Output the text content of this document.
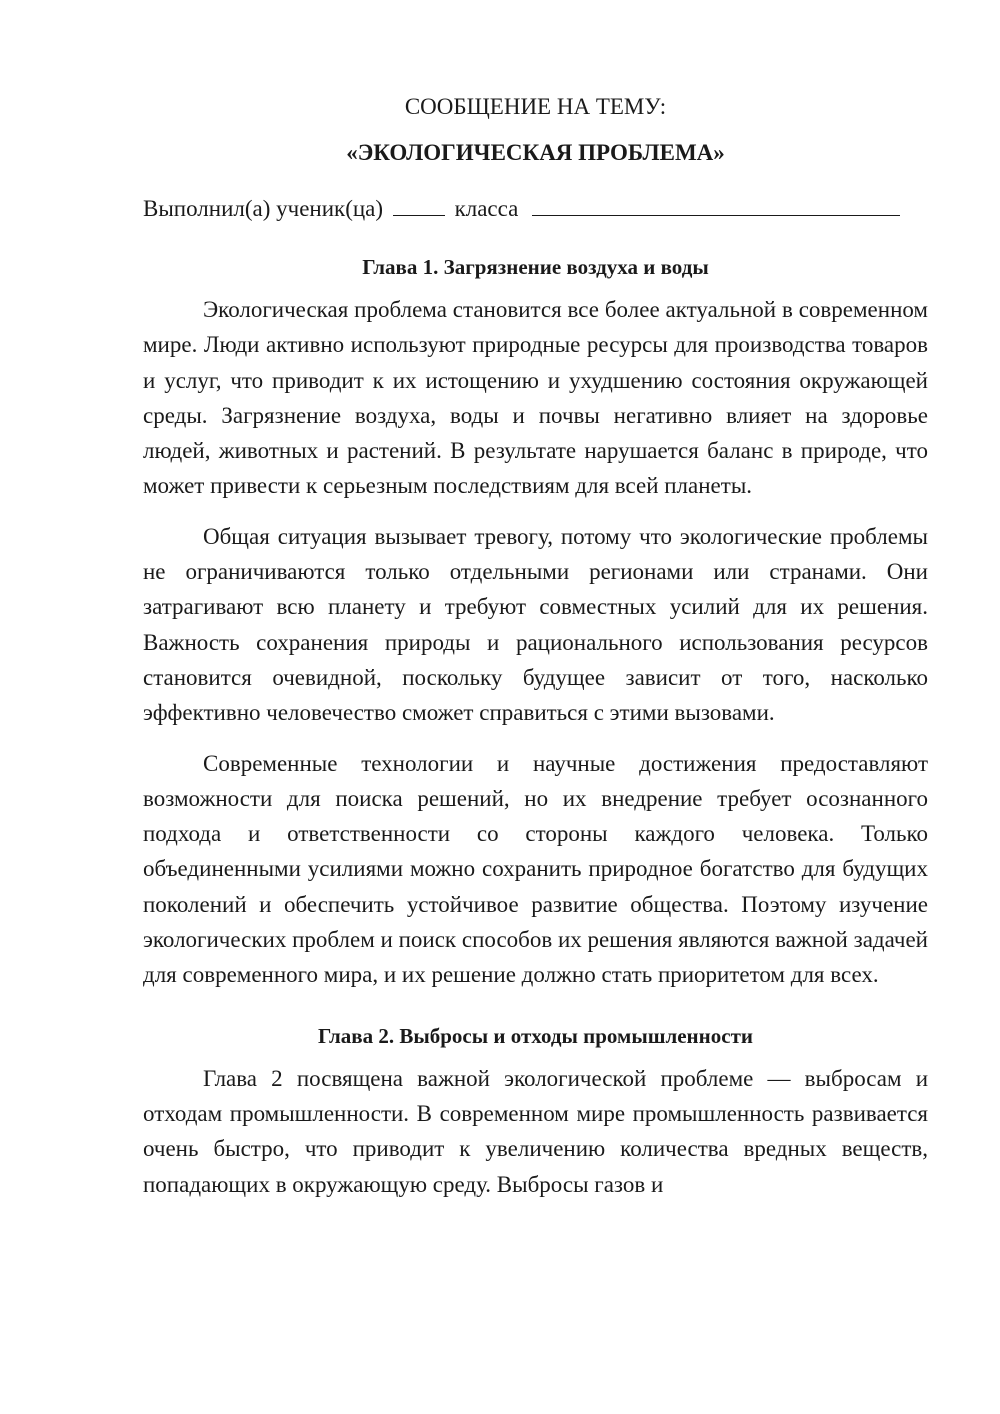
СООБЩЕНИЕ НА ТЕМУ:

«ЭКОЛОГИЧЕСКАЯ ПРОБЛЕМА»

Выполнил(а) ученик(ца)	класса

Глава 1. Загрязнение воздуха и воды

Экологическая проблема становится все более актуальной в современном мире. Люди активно используют природные ресурсы для производства товаров и услуг, что приводит к их истощению и ухудшению состояния окружающей среды. Загрязнение воздуха, воды и почвы негативно влияет на здоровье людей, животных и растений. В результате нарушается баланс в природе, что может привести к серьезным последствиям для всей планеты.

Общая ситуация вызывает тревогу, потому что экологические проблемы не ограничиваются только отдельными регионами или странами. Они затрагивают всю планету и требуют совместных усилий для их решения. Важность сохранения природы и рационального использования ресурсов становится очевидной, поскольку будущее зависит от того, насколько эффективно человечество сможет справиться с этими вызовами.

Современные технологии и научные достижения предоставляют возможности для поиска решений, но их внедрение требует осознанного подхода и ответственности со стороны каждого человека. Только объединенными усилиями можно сохранить природное богатство для будущих поколений и обеспечить устойчивое развитие общества. Поэтому изучение экологических проблем и поиск способов их решения являются важной задачей для современного мира, и их решение должно стать приоритетом для всех.

Глава 2. Выбросы и отходы промышленности

Глава 2 посвящена важной экологической проблеме — выбросам и отходам промышленности. В современном мире промышленность развивается очень быстро, что приводит к увеличению количества вредных веществ, попадающих в окружающую среду. Выбросы газов и
